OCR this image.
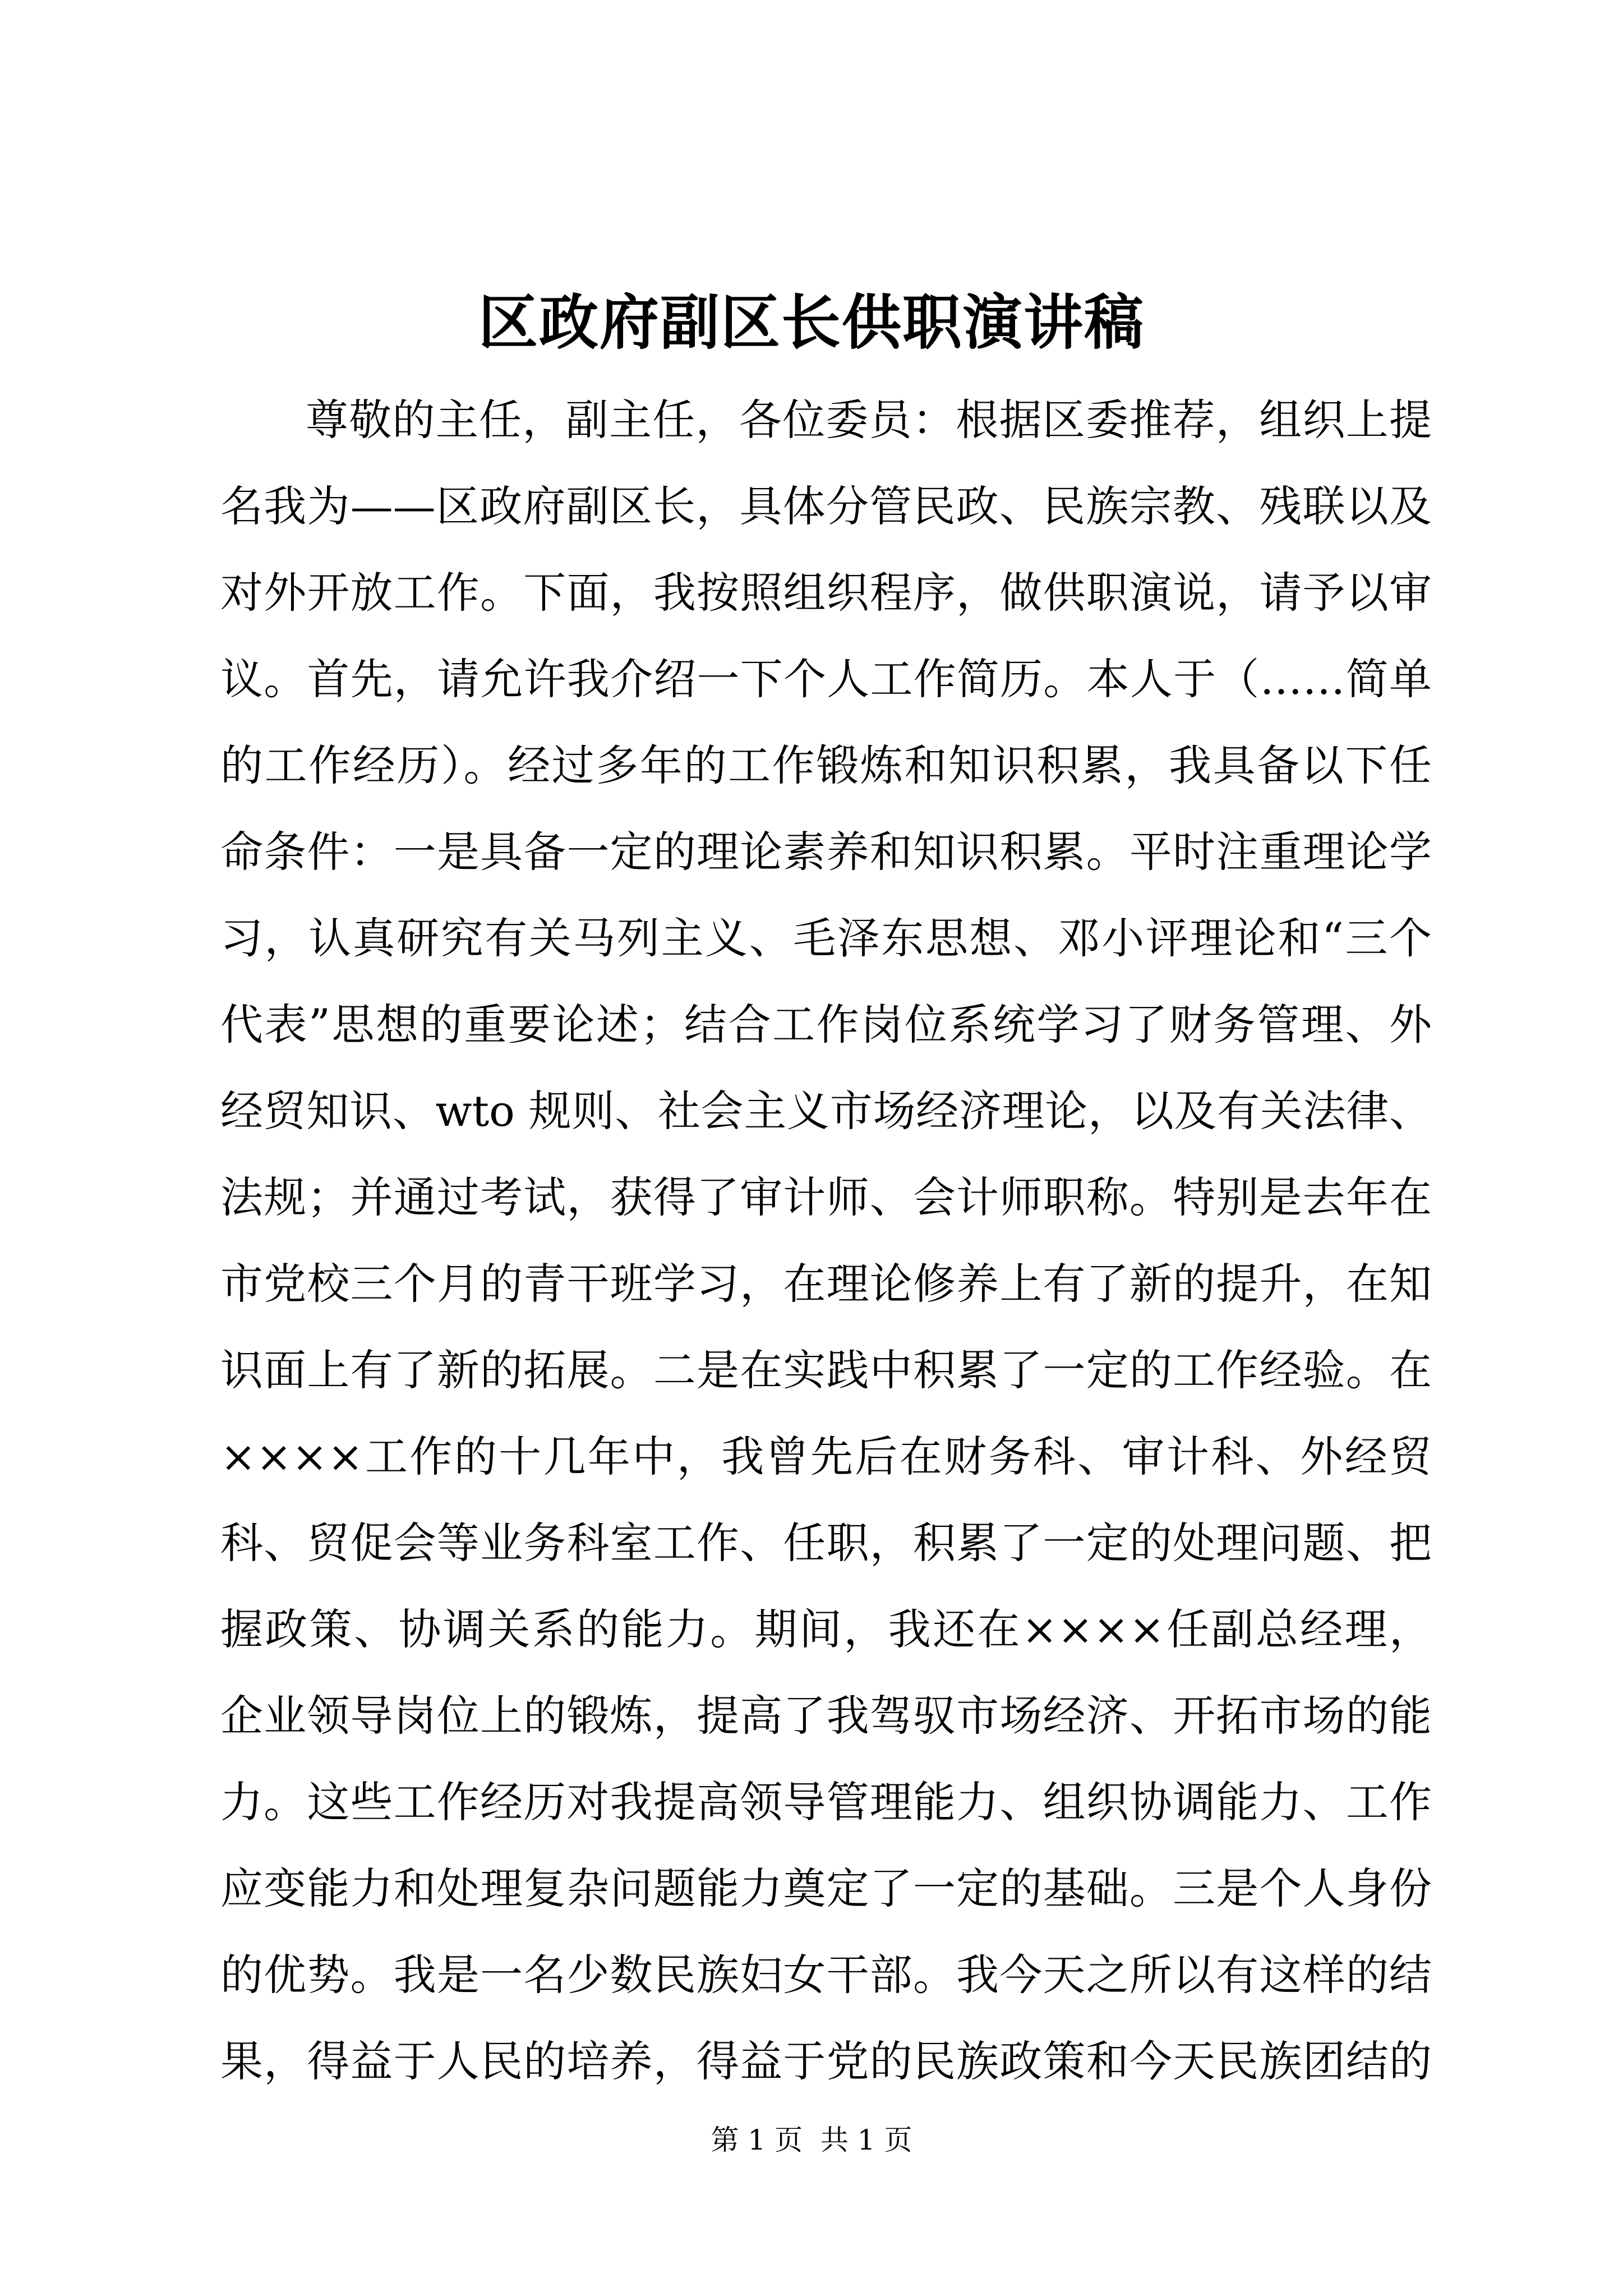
区政府副区长供职演讲稿
尊敬的主任，副主任，各位委员：根据区委推荐，组织上提
名我为——区政府副区长，具体分管民政、民族宗教、残联以及
对外开放工作。下面，我按照组织程序，做供职演说，请予以审
议。首先，请允许我介绍一下个人工作简历。本人于（……简单
的工作经历）。经过多年的工作锻炼和知识积累，我具备以下任
命条件：一是具备一定的理论素养和知识积累。平时注重理论学
习，认真研究有关马列主义、毛泽东思想、邓小评理论和“三个
代表”思想的重要论述；结合工作岗位系统学习了财务管理、外
经贸知识、wto 规则、社会主义市场经济理论，以及有关法律、
法规；并通过考试，获得了审计师、会计师职称。特别是去年在
市党校三个月的青干班学习，在理论修养上有了新的提升，在知
识面上有了新的拓展。二是在实践中积累了一定的工作经验。在
××××工作的十几年中，我曾先后在财务科、审计科、外经贸
科、贸促会等业务科室工作、任职，积累了一定的处理问题、把
握政策、协调关系的能力。期间，我还在××××任副总经理，
企业领导岗位上的锻炼，提高了我驾驭市场经济、开拓市场的能
力。这些工作经历对我提高领导管理能力、组织协调能力、工作
应变能力和处理复杂问题能力奠定了一定的基础。三是个人身份
的优势。我是一名少数民族妇女干部。我今天之所以有这样的结
果，得益于人民的培养，得益于党的民族政策和今天民族团结的
第 1 页  共 1 页
